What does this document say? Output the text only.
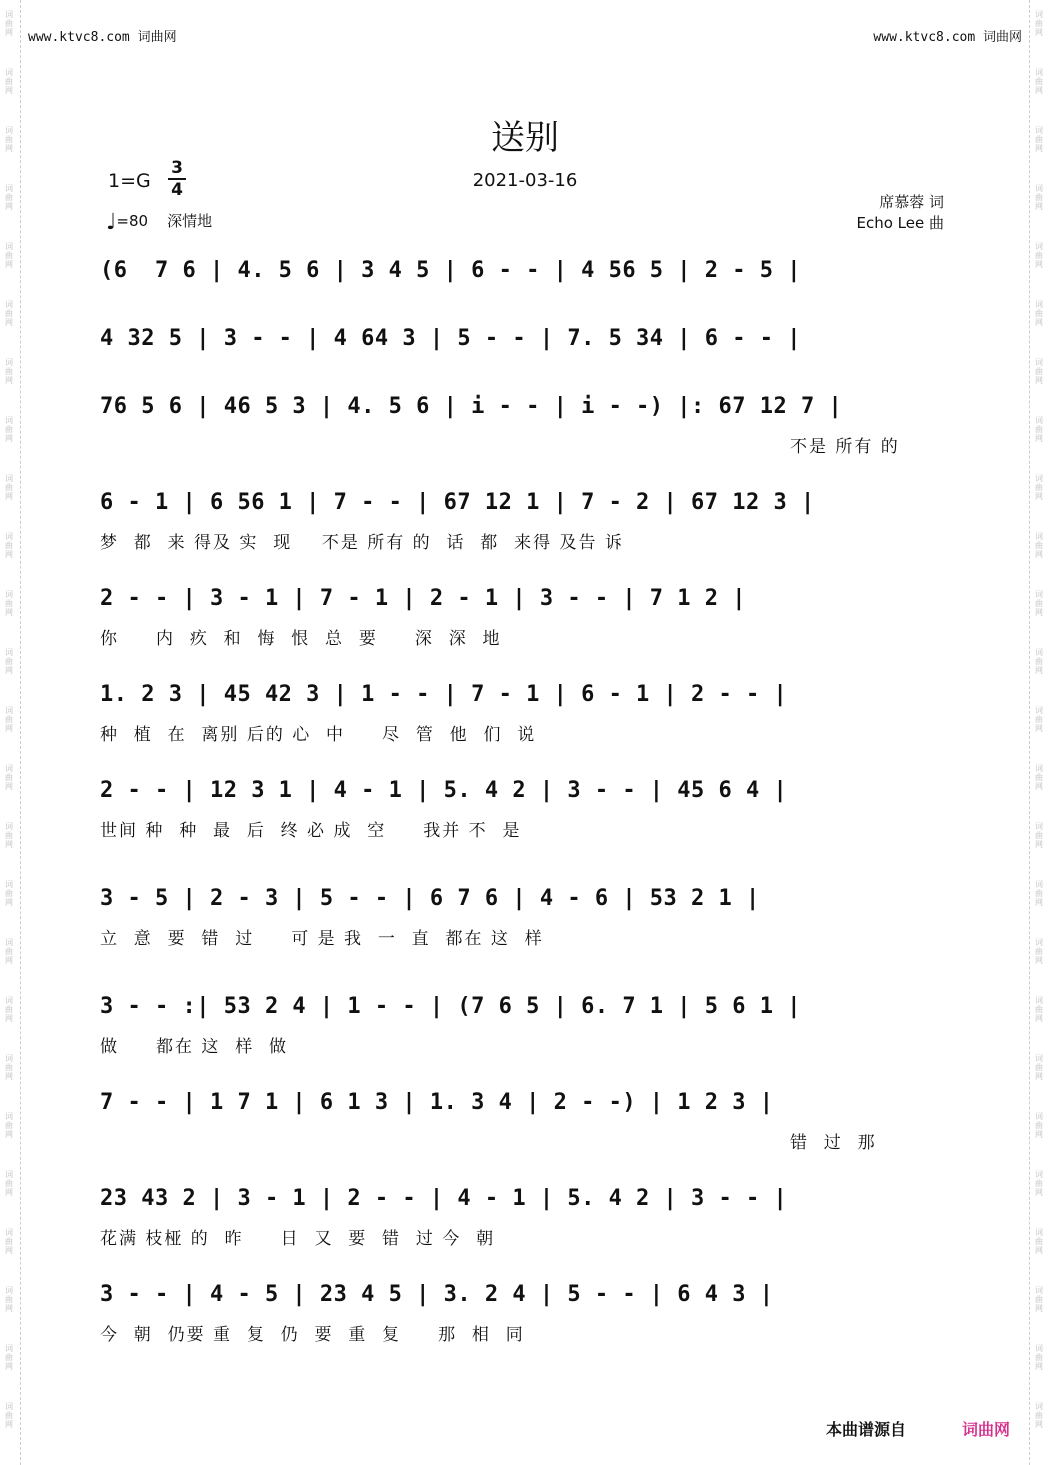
词
曲
网
词
曲
网
词
曲
网
词
曲
网
词
曲
网
词
曲
网
词
曲
网
词
曲
网
词
曲
网
词
曲
网
词
曲
网
词
曲
网
词
曲
网
词
曲
网
词
曲
网
词
曲
网
词
曲
网
词
曲
网
词
曲
网
词
曲
网
词
曲
网
词
曲
网
词
曲
网
词
曲
网
词
曲
网
词
曲
网
词
曲
网
词
曲
网
词
曲
网
词
曲
网
词
曲
网
词
曲
网
词
曲
网
词
曲
网
词
曲
网
词
曲
网
词
曲
网
词
曲
网
词
曲
网
词
曲
网
词
曲
网
词
曲
网
词
曲
网
词
曲
网
词
曲
网
词
曲
网
词
曲
网
词
曲
网
词
曲
网
词
曲
网
www.ktvc8.com 词曲网	www.ktvc8.com 词曲网
送别
2021-03-16
1=G
3
4
♩=80 深情地
席慕蓉 词
Echo Lee 曲
(6  7 6 | 4. 5 6 | 3 4 5 | 6 - - | 4 56 5 | 2 - 5 |
4 32 5 | 3 - - | 4 64 3 | 5 - - | 7. 5 34 | 6 - - |
76 5 6 | 46 5 3 | 4. 5 6 | i - - | i - -) |: 67 12 7 |
不是 所有 的
6 - 1 | 6 56 1 | 7 - - | 67 12 1 | 7 - 2 | 67 12 3 |
梦  都  来 得及 实  现    不是 所有 的  话  都  来得 及告 诉
2 - - | 3 - 1 | 7 - 1 | 2 - 1 | 3 - - | 7 1 2 |
你     内  疚  和  悔  恨  总  要     深  深  地
1. 2 3 | 45 42 3 | 1 - - | 7 - 1 | 6 - 1 | 2 - - |
种  植  在  离别 后的 心  中     尽  管  他  们  说
2 - - | 12 3 1 | 4 - 1 | 5. 4 2 | 3 - - | 45 6 4 |
世间 种  种  最  后  终 必 成  空     我并 不  是
3 - 5 | 2 - 3 | 5 - - | 6 7 6 | 4 - 6 | 53 2 1 |
立  意  要  错  过     可 是 我  一  直  都在 这  样
3 - - :| 53 2 4 | 1 - - | (7 6 5 | 6. 7 1 | 5 6 1 |
做     都在 这  样  做
7 - - | 1 7 1 | 6 1 3 | 1. 3 4 | 2 - -) | 1 2 3 |
错  过  那
23 43 2 | 3 - 1 | 2 - - | 4 - 1 | 5. 4 2 | 3 - - |
花满 枝桠 的  昨     日  又  要  错  过 今  朝
3 - - | 4 - 5 | 23 4 5 | 3. 2 4 | 5 - - | 6 4 3 |
今  朝  仍要 重  复  仍  要  重  复     那  相  同
本曲谱源自	词曲网
